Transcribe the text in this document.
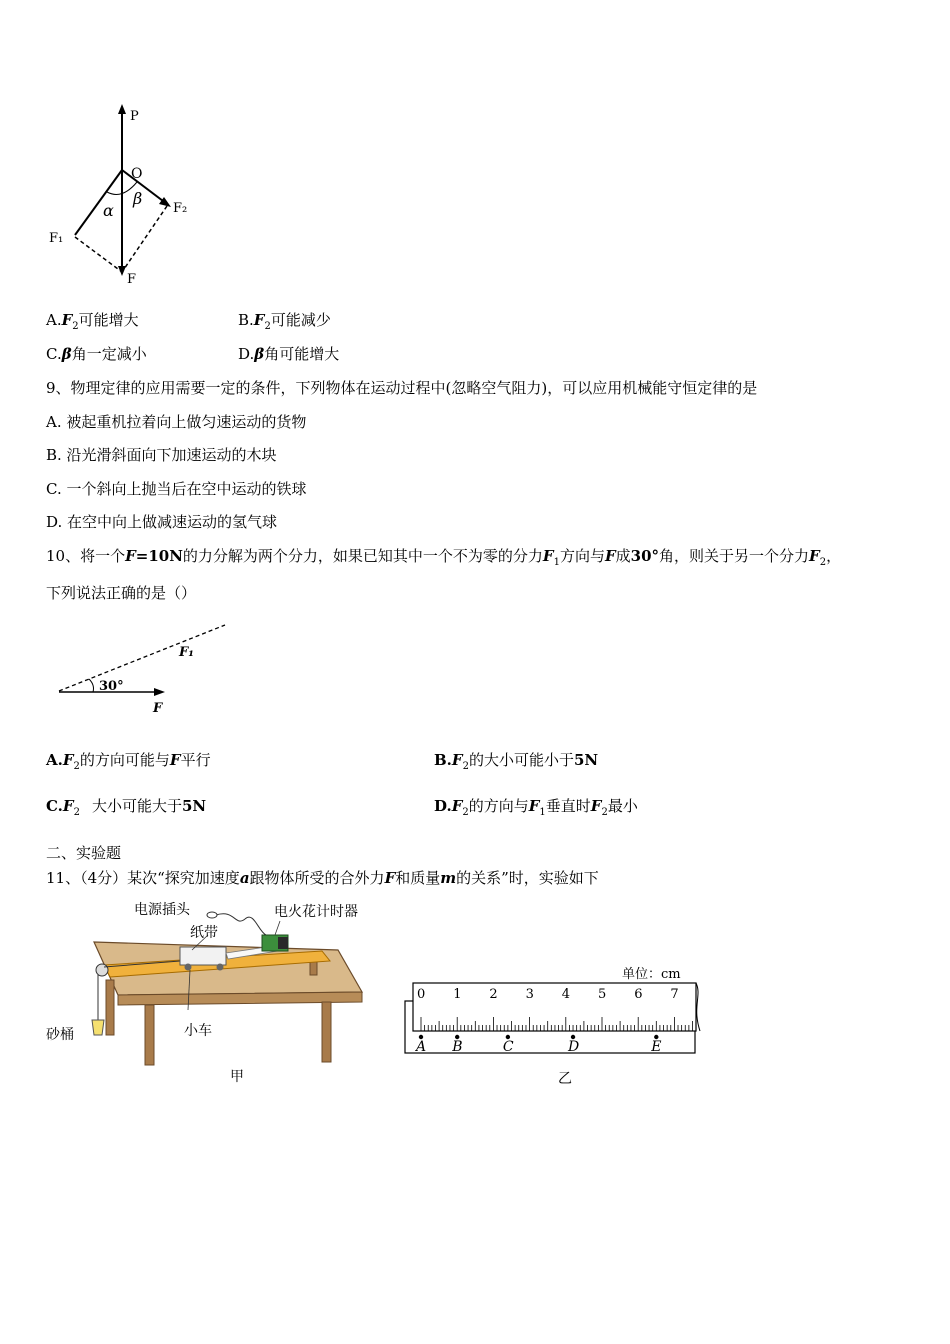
P
O
α
β
F₁
F₂
F
$A.F_2$可能增大	$B.F_2$可能减少
C.β角一定减小	D.β角可能增大
9、物理定律的应用需要一定的条件，下列物体在运动过程中(忽略空气阻力)，可以应用机械能守恒定律的是
A. 被起重机拉着向上做匀速运动的货物
B. 沿光滑斜面向下加速运动的木块
C. 一个斜向上抛当后在空中运动的铁球
D. 在空中向上做减速运动的氢气球
10、将一个F=10N的力分解为两个分力，如果已知其中一个不为零的分力$F_1$方向与F成30°角，则关于另一个分力$F_2$，
下列说法正确的是（）
F₁
30°
F
$A.F_2$的方向可能与F平行	$B.F_2$的大小可能小于5N
$C.F_2$ 大小可能大于5N	$D.F_2$的方向与$F_1$垂直时$F_2$最小
二、实验题
11、（4分）某次“探究加速度a跟物体所受的合外力F和质量m的关系”时，实验如下
电源插头	电火花计时器
纸带
小车
砂桶
甲
单位：cm
0 1 2 3 4 5 6 7
A B	C	D	E
乙
